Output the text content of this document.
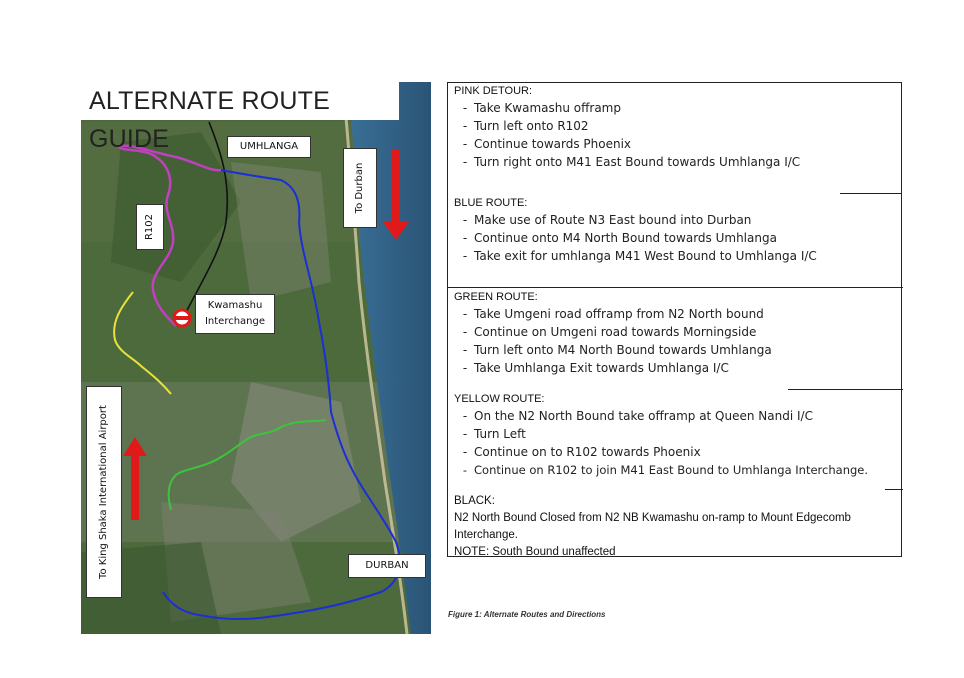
ALTERNATE ROUTE GUIDE	UMHLANGA
To Durban
R102
Kwamashu Interchange
To King Shaka International Airport	DURBAN
PINK DETOUR:
- Take Kwamashu offramp
- Turn left onto R102
- Continue towards Phoenix
- Turn right onto M41 East Bound towards Umhlanga I/C
BLUE ROUTE:
- Make use of Route N3 East bound into Durban
- Continue onto M4 North Bound towards Umhlanga
- Take exit for umhlanga M41 West Bound to Umhlanga I/C
GREEN ROUTE:
- Take Umgeni road offramp from N2 North bound
- Continue on Umgeni road towards Morningside
- Turn left onto M4 North Bound towards Umhlanga
- Take Umhlanga Exit towards Umhlanga I/C
YELLOW ROUTE:
- On the N2 North Bound take offramp at Queen Nandi I/C
- Turn Left
- Continue on to R102 towards Phoenix
- Continue on R102 to join M41 East Bound to Umhlanga Interchange.
BLACK:
N2 North Bound Closed from N2 NB Kwamashu on-ramp to Mount Edgecomb Interchange.
NOTE: South Bound unaffected
Figure 1: Alternate Routes and Directions
